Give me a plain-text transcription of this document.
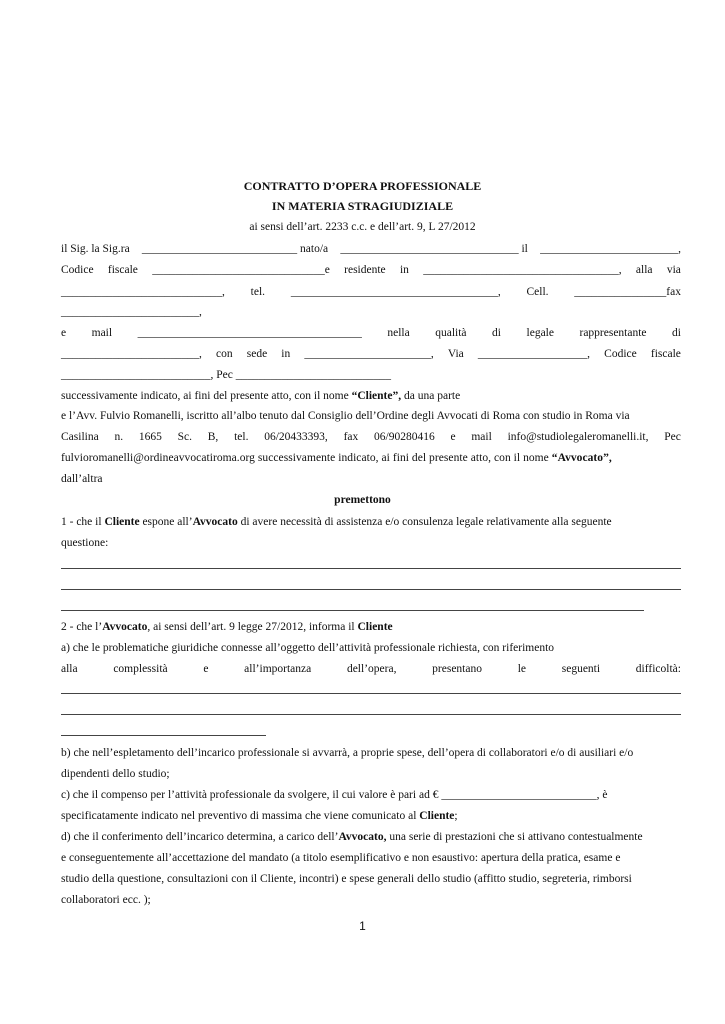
CONTRATTO D’OPERA PROFESSIONALE
IN MATERIA STRAGIUDIZIALE
ai sensi dell’art. 2233 c.c. e dell’art. 9, L 27/2012
il Sig. la Sig.ra ___________________________ nato/a _______________________________ il ________________________,
Codice fiscale ______________________________e residente in __________________________________, alla via
____________________________, tel. ____________________________________, Cell. ________________fax
________________________,
e mail _______________________________________ nella qualità di legale rappresentante di
________________________, con sede in ______________________, Via ___________________, Codice fiscale
__________________________, Pec ___________________________
successivamente indicato, ai fini del presente atto, con il nome “Cliente”, da una parte
e l’Avv. Fulvio Romanelli, iscritto all’albo tenuto dal Consiglio dell’Ordine degli Avvocati di Roma con studio in Roma via
Casilina n. 1665 Sc. B, tel. 06/20433393, fax 06/90280416 e mail info@studiolegaleromanelli.it, Pec
fulvioromanelli@ordineavvocatiroma.org successivamente indicato, ai fini del presente atto, con il nome “Avvocato”,
dall’altra
premettono
1 - che il Cliente espone all’Avvocato di avere necessità di assistenza e/o consulenza legale relativamente alla seguente
questione:
2 - che l’Avvocato, ai sensi dell’art. 9 legge 27/2012, informa il Cliente
a) che le problematiche giuridiche connesse all’oggetto dell’attività professionale richiesta, con riferimento
alla	complessità	e	all’importanza	dell’opera,	presentano	le	seguenti	difficoltà:
b) che nell’espletamento dell’incarico professionale si avvarrà, a proprie spese, dell’opera di collaboratori e/o di ausiliari e/o
dipendenti dello studio;
c) che il compenso per l’attività professionale da svolgere, il cui valore è pari ad € ___________________________, è
specificatamente indicato nel preventivo di massima che viene comunicato al Cliente;
d) che il conferimento dell’incarico determina, a carico dell’Avvocato, una serie di prestazioni che si attivano contestualmente
e conseguentemente all’accettazione del mandato (a titolo esemplificativo e non esaustivo: apertura della pratica, esame e
studio della questione, consultazioni con il Cliente, incontri) e spese generali dello studio (affitto studio, segreteria, rimborsi
collaboratori ecc. );
1
